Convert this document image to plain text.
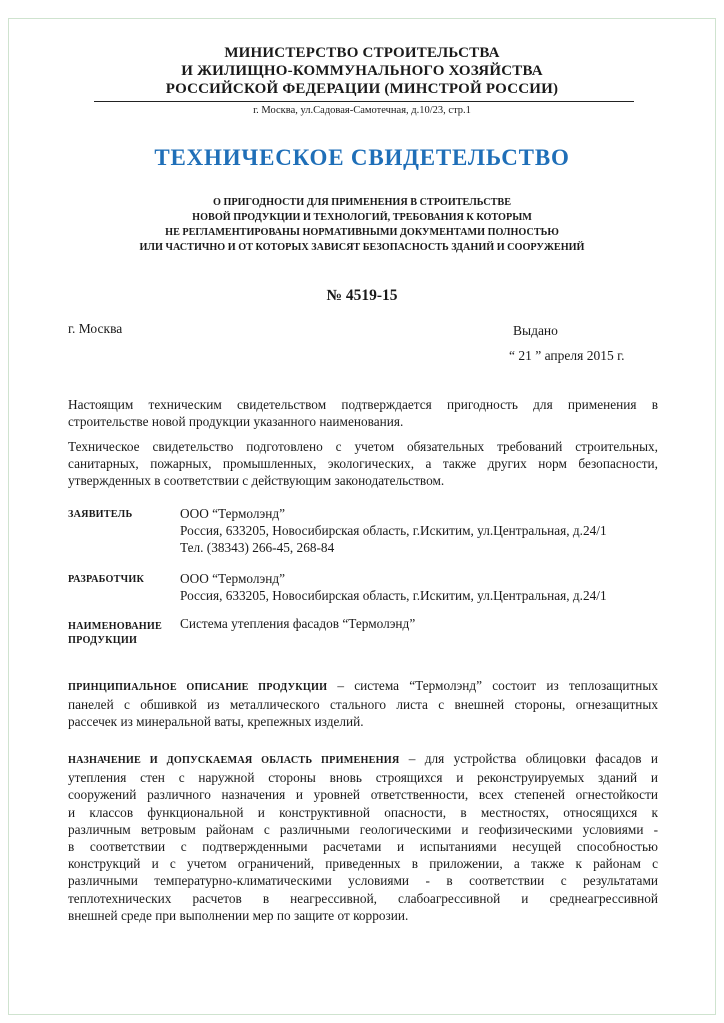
МИНИСТЕРСТВО СТРОИТЕЛЬСТВА
И ЖИЛИЩНО-КОММУНАЛЬНОГО ХОЗЯЙСТВА
РОССИЙСКОЙ ФЕДЕРАЦИИ (МИНСТРОЙ РОССИИ)
г. Москва, ул.Садовая-Самотечная, д.10/23, стр.1
ТЕХНИЧЕСКОЕ СВИДЕТЕЛЬСТВО
О ПРИГОДНОСТИ ДЛЯ ПРИМЕНЕНИЯ В СТРОИТЕЛЬСТВЕ
НОВОЙ ПРОДУКЦИИ И ТЕХНОЛОГИЙ, ТРЕБОВАНИЯ К КОТОРЫМ
НЕ РЕГЛАМЕНТИРОВАНЫ НОРМАТИВНЫМИ ДОКУМЕНТАМИ ПОЛНОСТЬЮ
ИЛИ ЧАСТИЧНО И ОТ КОТОРЫХ ЗАВИСЯТ БЕЗОПАСНОСТЬ ЗДАНИЙ И СООРУЖЕНИЙ
№ 4519-15
г. Москва	Выдано
“ 21 ” апреля 2015 г.
Настоящим техническим свидетельством подтверждается пригодность для применения в
строительстве новой продукции указанного наименования.
Техническое свидетельство подготовлено с учетом обязательных требований строительных,
санитарных, пожарных, промышленных, экологических, а также других норм безопасности,
утвержденных в соответствии с действующим законодательством.
ЗАЯВИТЕЛЬ	ООО “Термолэнд”
Россия, 633205, Новосибирская область, г.Искитим, ул.Центральная, д.24/1
Тел. (38343) 266-45, 268-84
РАЗРАБОТЧИК	ООО “Термолэнд”
Россия, 633205, Новосибирская область, г.Искитим, ул.Центральная, д.24/1
НАИМЕНОВАНИЕ
ПРОДУКЦИИ
Система утепления фасадов “Термолэнд”
ПРИНЦИПИАЛЬНОЕ ОПИСАНИЕ ПРОДУКЦИИ – система “Термолэнд” состоит из теплозащитных
панелей с обшивкой из металлического стального листа с внешней стороны, огнезащитных
рассечек из минеральной ваты, крепежных изделий.
НАЗНАЧЕНИЕ И ДОПУСКАЕМАЯ ОБЛАСТЬ ПРИМЕНЕНИЯ – для устройства облицовки фасадов и
утепления стен с наружной стороны вновь строящихся и реконструируемых зданий и
сооружений различного назначения и уровней ответственности, всех степеней огнестойкости
и классов функциональной и конструктивной опасности, в местностях, относящихся к
различным ветровым районам с различными геологическими и геофизическими условиями -
в соответствии с подтвержденными расчетами и испытаниями несущей способностью
конструкций и с учетом ограничений, приведенных в приложении, а также к районам с
различными температурно-климатическими условиями - в соответствии с результатами
теплотехнических расчетов в неагрессивной, слабоагрессивной и среднеагрессивной
внешней среде при выполнении мер по защите от коррозии.
